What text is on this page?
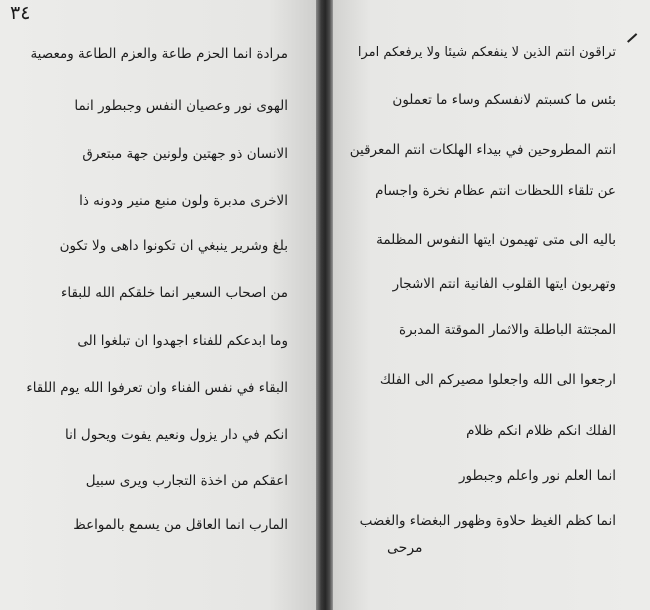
٣٤
مرادة انما الحزم طاعة والعزم الطاعة ومعصية
الهوى نور وعصيان النفس وجبطور انما
الانسان ذو جهتين ولونين جهة مبتعرق
الاخرى مدبرة ولون منبع منير ودونه ذا
بلغ وشرير ينبغي ان تكونوا داهى ولا تكون
من اصحاب السعير انما خلقكم الله للبقاء
وما ابدعكم للفناء اجهدوا ان تبلغوا الى
البقاء في نفس الفناء وان تعرفوا الله يوم اللقاء
انكم في دار يزول ونعيم يفوت ويحول انا
اعقكم من اخذة التجارب ويرى سبيل
المارب انما العاقل من يسمع بالمواعظ
تراقون انتم الذين لا ينفعكم شيئا ولا يرفعكم امرا
بئس ما كسبتم لانفسكم وساء ما تعملون
انتم المطروحين في بيداء الهلكات انتم المعرقين
عن تلقاء اللحظات انتم عظام نخرة واجسام
باليه الى متى تهيمون ايتها النفوس المظلمة
وتهربون ايتها القلوب الفانية انتم الاشجار
المجتثة الباطلة والاثمار الموقتة المدبرة
ارجعوا الى الله واجعلوا مصيركم الى الفلك
الفلك انكم ظلام انكم ظلام
انما العلم نور واعلم وجبطور
انما كظم الغيظ حلاوة وظهور البغضاء والغضب
مرحى
